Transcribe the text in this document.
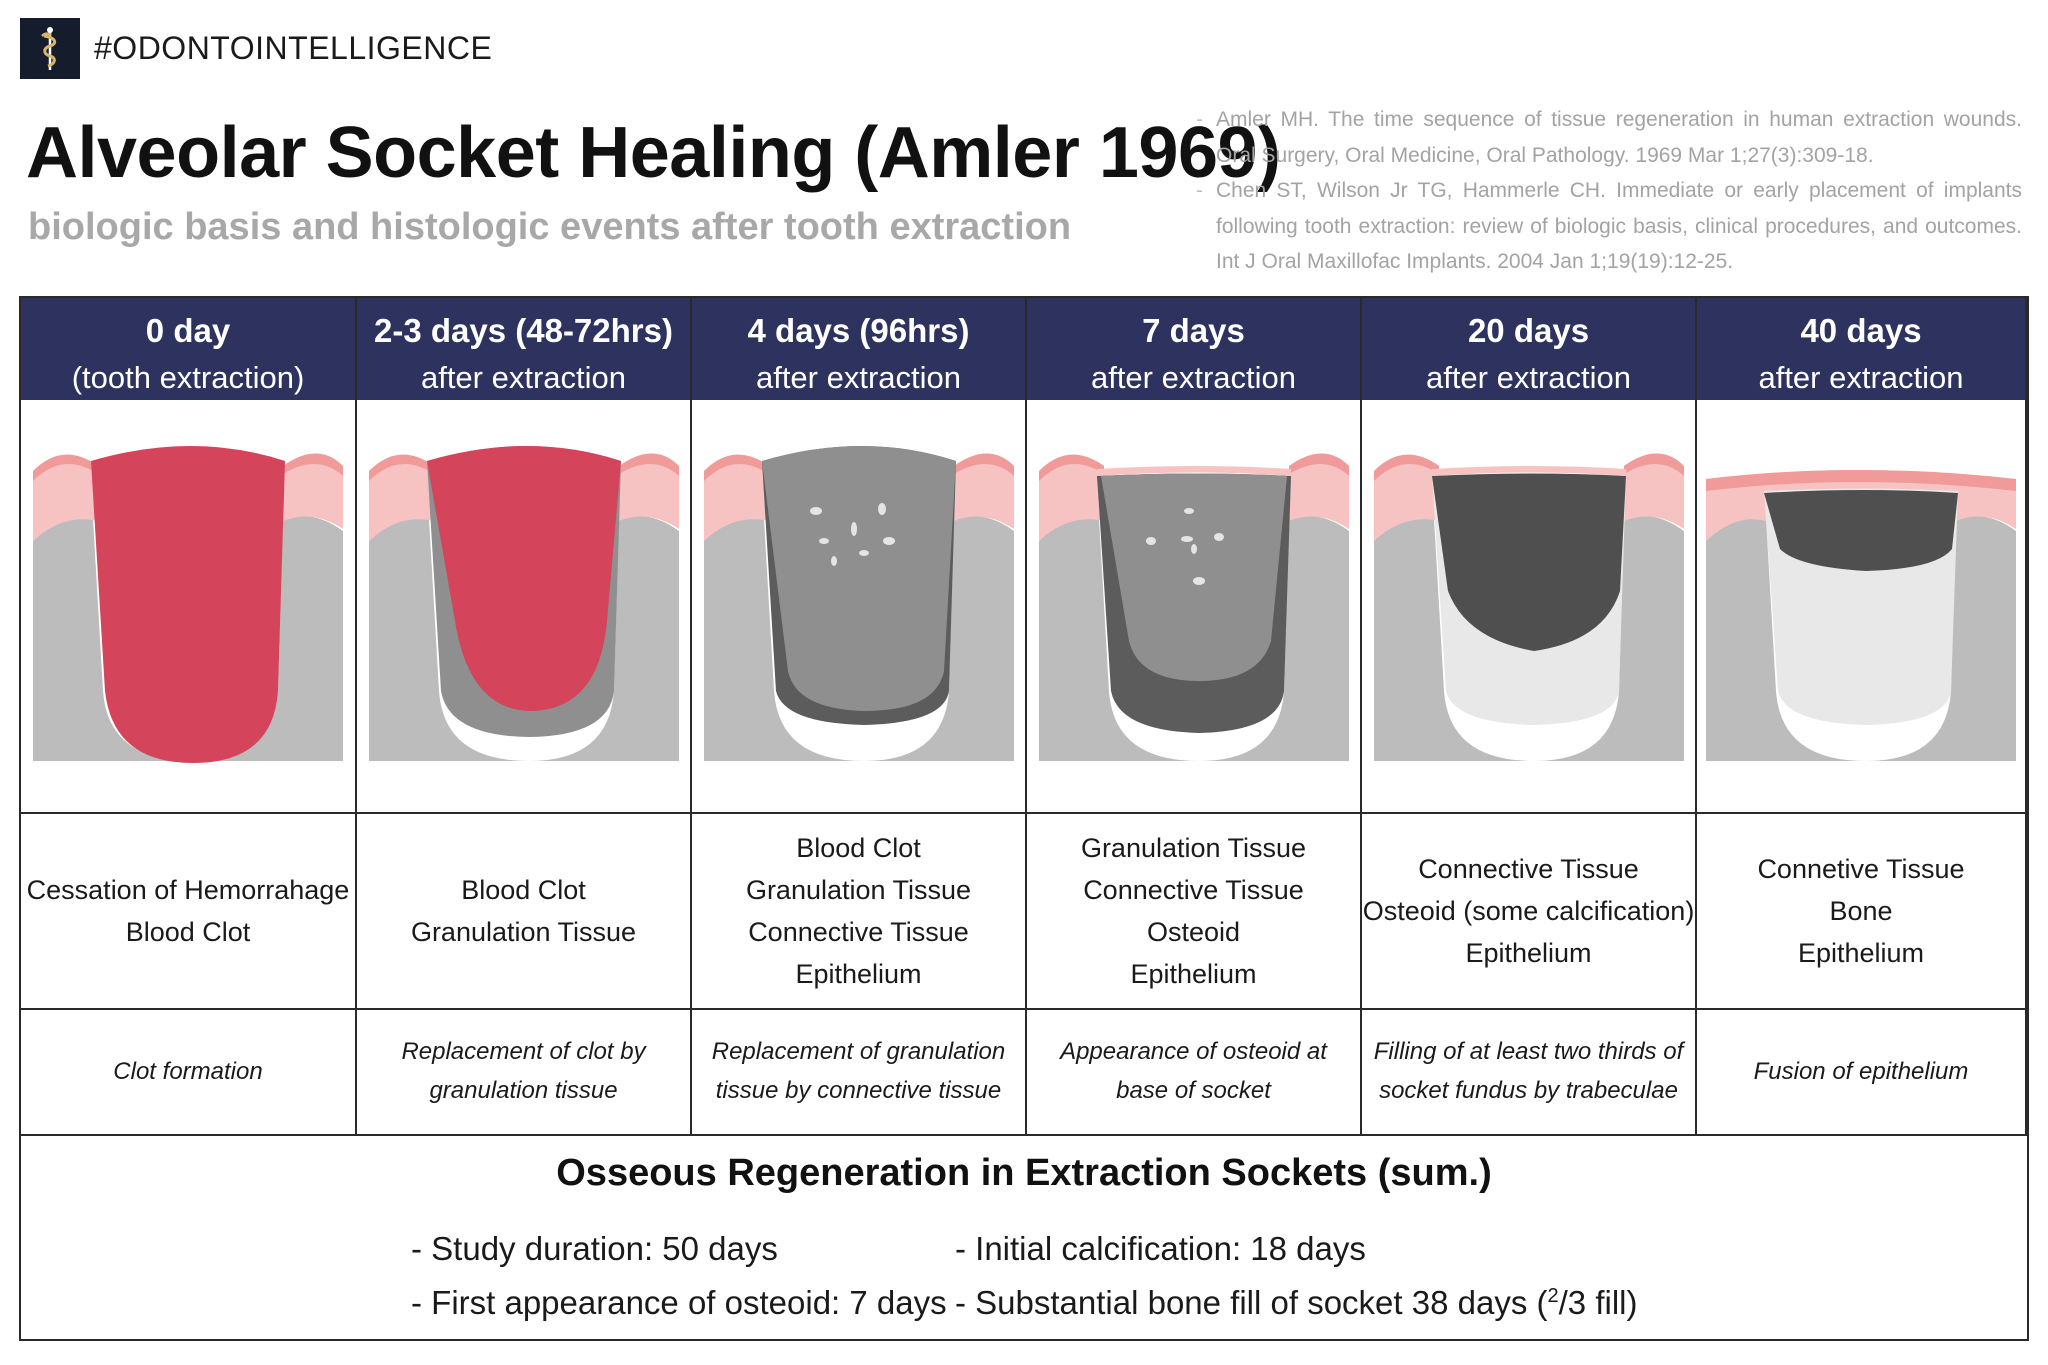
#ODONTOINTELLIGENCE
Alveolar Socket Healing (Amler 1969)
biologic basis and histologic events after tooth extraction
- Amler MH. The time sequence of tissue regeneration in human extraction wounds. Oral Surgery, Oral Medicine, Oral Pathology. 1969 Mar 1;27(3):309-18.
- Chen ST, Wilson Jr TG, Hammerle CH. Immediate or early placement of implants following tooth extraction: review of biologic basis, clinical procedures, and outcomes. Int J Oral Maxillofac Implants. 2004 Jan 1;19(19):12-25.
0 day
(tooth extraction)
Cessation of Hemorrahage
Blood Clot
Clot formation
2-3 days (48-72hrs)
after extraction
Blood Clot
Granulation Tissue
Replacement of clot by granulation tissue
4 days (96hrs)
after extraction
Blood Clot
Granulation Tissue
Connective Tissue
Epithelium
Replacement of granulation tissue by connective tissue
7 days
after extraction
Granulation Tissue
Connective Tissue
Osteoid
Epithelium
Appearance of osteoid at base of socket
20 days
after extraction
Connective Tissue
Osteoid (some calcification)
Epithelium
Filling of at least two thirds of socket fundus by trabeculae
40 days
after extraction
Connetive Tissue
Bone
Epithelium
Fusion of epithelium
Osseous Regeneration in Extraction Sockets (sum.)
- Study duration: 50 days
- First appearance of osteoid: 7 days
- Initial calcification: 18 days
- Substantial bone fill of socket 38 days ($^2$/3 fill)
